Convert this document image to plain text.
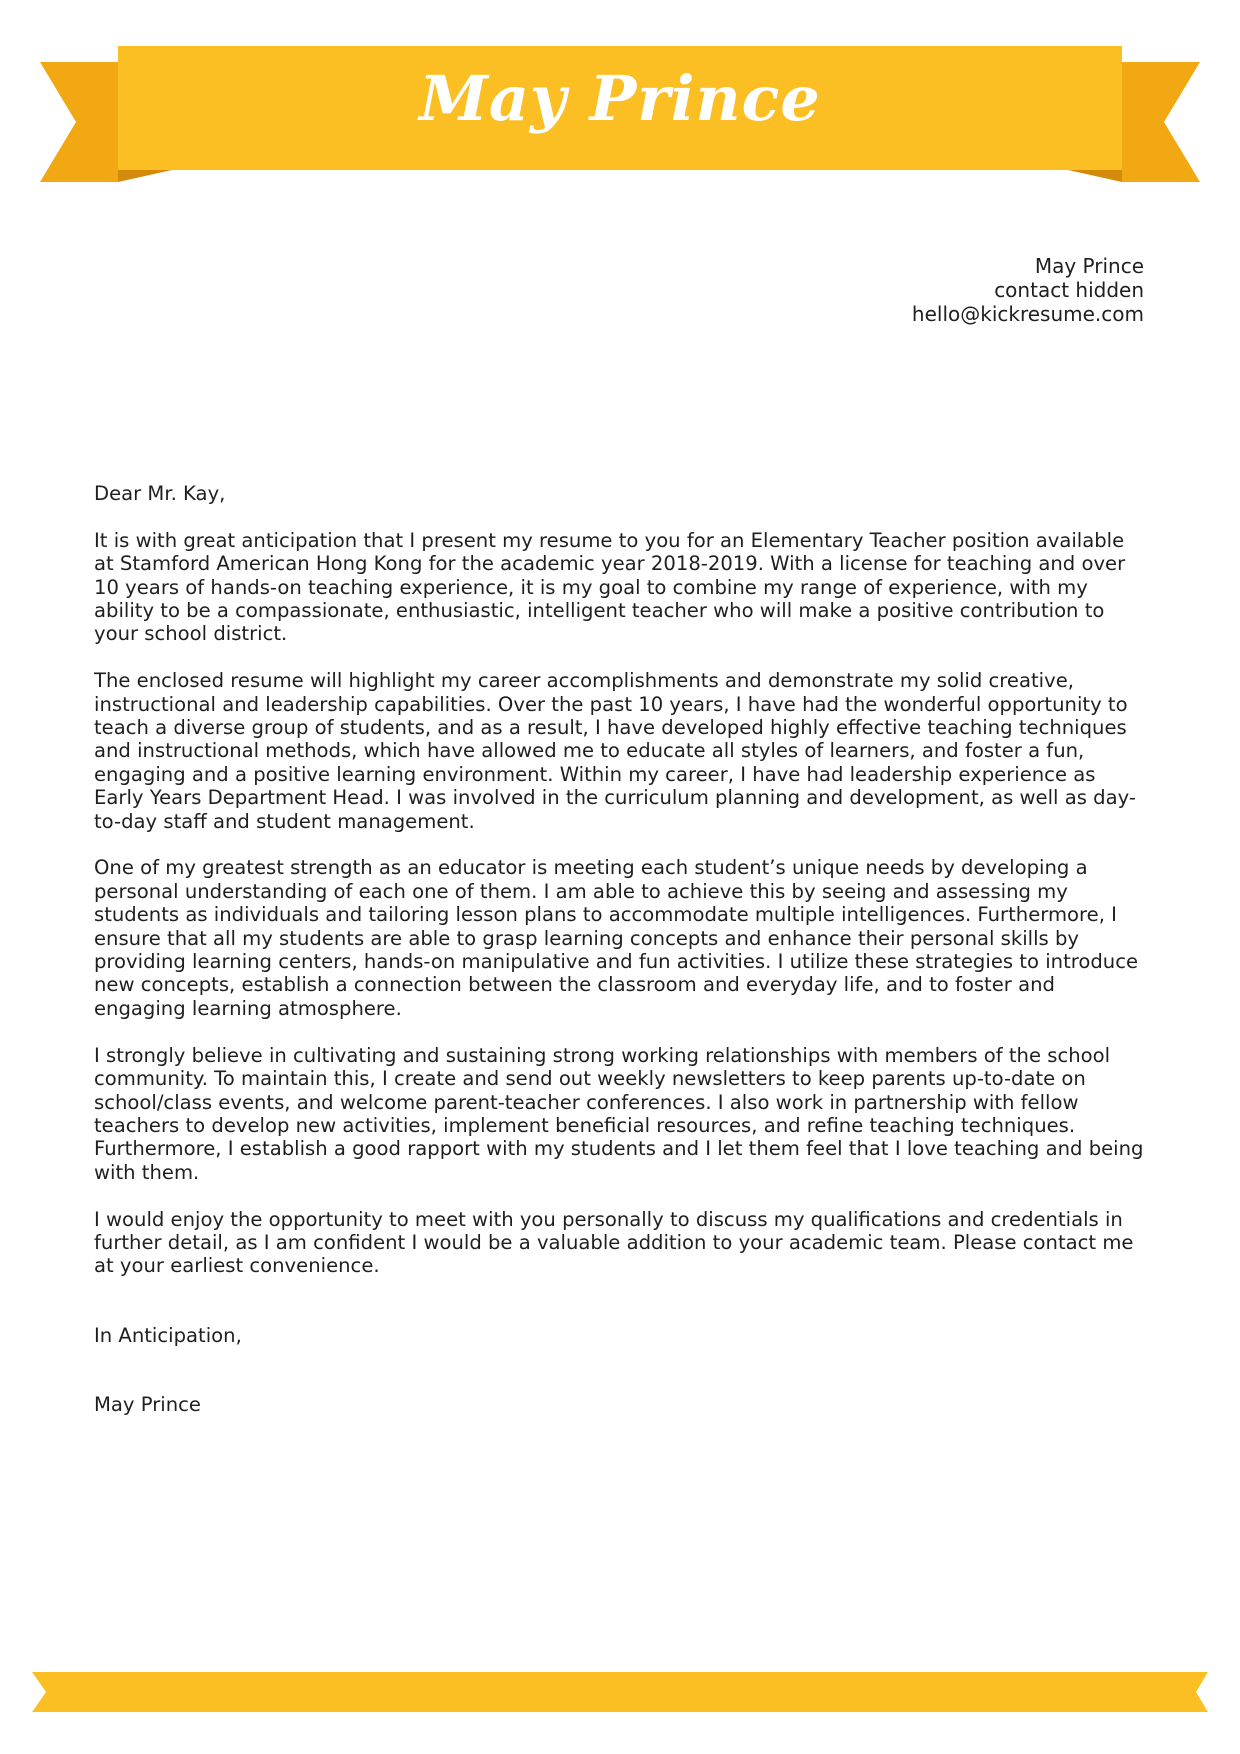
May Prince
May Prince
contact hidden
hello@kickresume.com

Dear Mr. Kay,

It is with great anticipation that I present my resume to you for an Elementary Teacher position available at Stamford American Hong Kong for the academic year 2018-2019. With a license for teaching and over 10 years of hands-on teaching experience, it is my goal to combine my range of experience, with my ability to be a compassionate, enthusiastic, intelligent teacher who will make a positive contribution to your school district.

The enclosed resume will highlight my career accomplishments and demonstrate my solid creative, instructional and leadership capabilities. Over the past 10 years, I have had the wonderful opportunity to teach a diverse group of students, and as a result, I have developed highly effective teaching techniques and instructional methods, which have allowed me to educate all styles of learners, and foster a fun, engaging and a positive learning environment. Within my career, I have had leadership experience as Early Years Department Head. I was involved in the curriculum planning and development, as well as day-to-day staff and student management.

One of my greatest strength as an educator is meeting each student’s unique needs by developing a personal understanding of each one of them. I am able to achieve this by seeing and assessing my students as individuals and tailoring lesson plans to accommodate multiple intelligences. Furthermore, I ensure that all my students are able to grasp learning concepts and enhance their personal skills by providing learning centers, hands-on manipulative and fun activities. I utilize these strategies to introduce new concepts, establish a connection between the classroom and everyday life, and to foster and engaging learning atmosphere.

I strongly believe in cultivating and sustaining strong working relationships with members of the school community. To maintain this, I create and send out weekly newsletters to keep parents up-to-date on school/class events, and welcome parent-teacher conferences. I also work in partnership with fellow teachers to develop new activities, implement beneficial resources, and refine teaching techniques. Furthermore, I establish a good rapport with my students and I let them feel that I love teaching and being with them.

I would enjoy the opportunity to meet with you personally to discuss my qualifications and credentials in further detail, as I am confident I would be a valuable addition to your academic team. Please contact me at your earliest convenience.

In Anticipation,

May Prince
